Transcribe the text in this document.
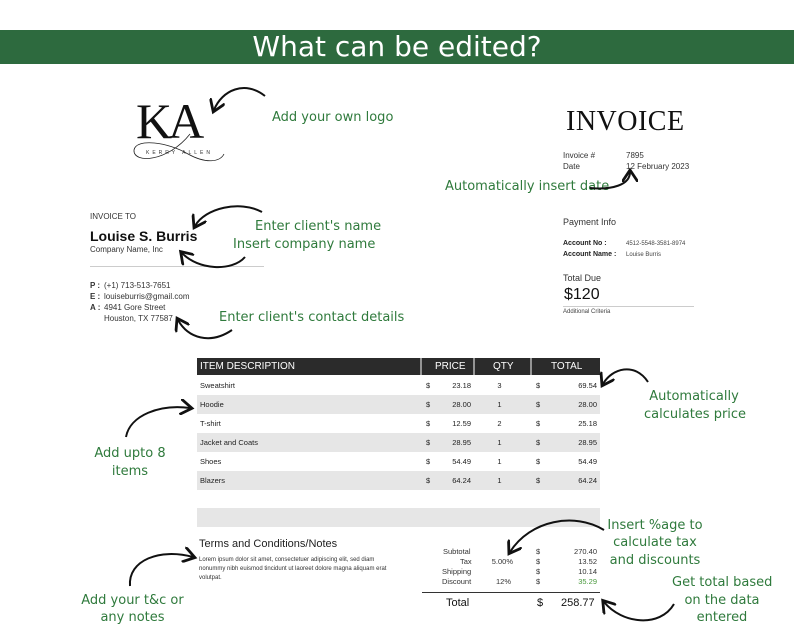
What can be edited?
KA
KERRY ALLEN
INVOICE
Invoice #	7895
Date	12 February 2023
Payment Info
Account No :	4512-5548-3581-8974
Account Name : Louise Burris
Total Due
$120
Additional Criteria
INVOICE TO
Louise S. Burris
Company Name, Inc
P : (+1) 713-513-7651
E : louiseburris@gmail.com
A : 4941 Gore Street
Houston, TX 77587
ITEM DESCRIPTION	PRICE	QTY	TOTAL
Sweatshirt	$	23.18	3	$	69.54
Hoodie	$	28.00	1	$	28.00
T-shirt	$	12.59	2	$	25.18
Jacket and Coats	$	28.95	1	$	28.95
Shoes	$	54.49	1	$	54.49
Blazers	$	64.24	1	$	64.24
Terms and Conditions/Notes
Lorem ipsum dolor sit amet, consectetuer adipiscing elit, sed diam nonummy nibh euismod tincidunt ut laoreet dolore magna aliquam erat volutpat.
Subtotal	$	270.40
Tax	5.00%	$	13.52
Shipping	$	10.14
Discount	12%	$	35.29
Total	$ 258.77
Add your own logo
Automatically insert date
Enter client's name
Insert company name
Enter client's contact details
Automatically
calculates price
Add upto 8
items
Insert %age to
calculate tax
and discounts
Get total based
on the data
entered
Add your t&c or
any notes
